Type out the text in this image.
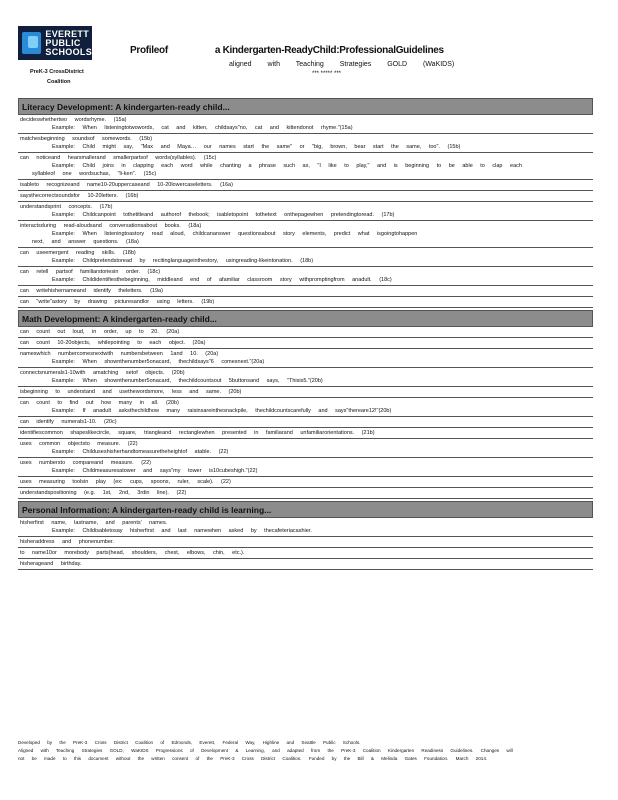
EVERETT
PUBLIC
SCHOOLS	Profileof	a Kindergarten-ReadyChild:ProfessionalGuidelines
aligned with Teaching Strategies GOLD (WaKIDS)
*** ***** ***
PreK-3 CrossDistrict
Coalition
Literacy Development: A kindergarten-ready child...
decideswhethertwo wordsrhyme. (15a)
Example: When listeningtotwowords, cat and kitten, childsays"no, cat and kittendonot rhyme."(15a)
matchesbeginning soundsof somewords. (15b)
Example: Child might say, "Max and Maya… our names start the same" or "big, brown, bear start the same, too". (15b)
can noticeand hearsmallerand smallerpartsof words(syllables). (15c)
Example: Child joins in clapping each word while chanting a phrase such as, "I like to play," and is beginning to be able to clap each
syllableof one wordsuchas, "li-ken". (15c)
isableto recognizeand name10-20uppercaseand 10-20lowercaseletters. (16a)
saysthecorrectsoundsfor 10-20letters. (16b)
understandsprint concepts. (17b)
Example: Childcanpoint tothetitleand authorof thebook; isabletopoint tothetext onthepagewhen pretendingtoread. (17b)
interactsduring read-aloudsand conversationsabout books. (18a)
Example: When listeningtoastory read aloud, childcananswer questionsabout story elements, predict what isgoingtohappen
next, and answer questions. (18a)
can useemergent reading skills. (18b)
Example: Childpretendstoread by recitinglanguageinthestory, usingreading-likeintonation. (18b)
can retell partsof familiarstoriesin order. (18c)
Example: Childidentifiesthebeginning, middleand end of afamiliar classroom story withpromptingfrom anadult. (18c)
can writehishernameand identify theletters. (19a)
can "write"astory by drawing picturesandlor using letters. (19b)
Math Development: A kindergarten-ready child...
can count out loud, in order, up to 20. (20a)
can count 10-20objects, whilepointing to each object. (20a)
nameswhich numbercomesnextwith numbersbetween 1and 10. (20a)
Example: When shownthenumber5onacard, thechildsays"6 comesnext."(20a)
connectsnumerals1-10with amatching setof objects. (20b)
Example: When shownthenumber5onacard, thechildcountsout 5buttonsand says, "Thisis5."(20b)
isbeginning to understand and usethewordsmore, less and same. (20b)
can count to find out how many in all. (20b)
Example: If anadult asksthechildhow many raisinsareinthesnackpile, thechildcountscarefully and says"thereare12!"(20b)
can identify numerals1-10. (20c)
identifiescommon shapeslikecircle, square, triangleand rectanglewhen presented in familiarand unfamiliarorientations. (21b)
uses common objectsto measure. (22)
Example: Childuseshisherhandtomeasuretheheightof atable. (22)
uses numbersto compareand measure. (22)
Example: Childmeasuresatower and says"my tower is10cubeshigh."(22)
uses measuring toolsin play (ex: cups, spoons, ruler, scale). (22)
understandspositioning (e.g. 1st, 2nd, 3rdin line). (22)
Personal Information: A kindergarten-ready child is learning...
hisherfirst name, lastname, and parents' names.
Example: Childisabletosay hisherfirst and last namewhen asked by thecafeteriacashier.
hisheraddress and phonenumber.
to name10or morebody parts(head, shoulders, chest, elbows, chin, etc.).
hisherageand birthday.
Developed by the PreK-3 Cross District Coalition of Edmonds, Everett, Federal Way, Highline and Seattle Public Schools.
Aligned with Teaching Strategies GOLD, WaKIDS Progressions of Development & Learning, and adapted from the PreK-3 Coalition Kindergarten Readiness Guidelines. Changes will
not be made to this document without the written consent of the PreK-3 Cross District Coalition. Funded by the Bill & Melinda Gates Foundation. March 2014.
